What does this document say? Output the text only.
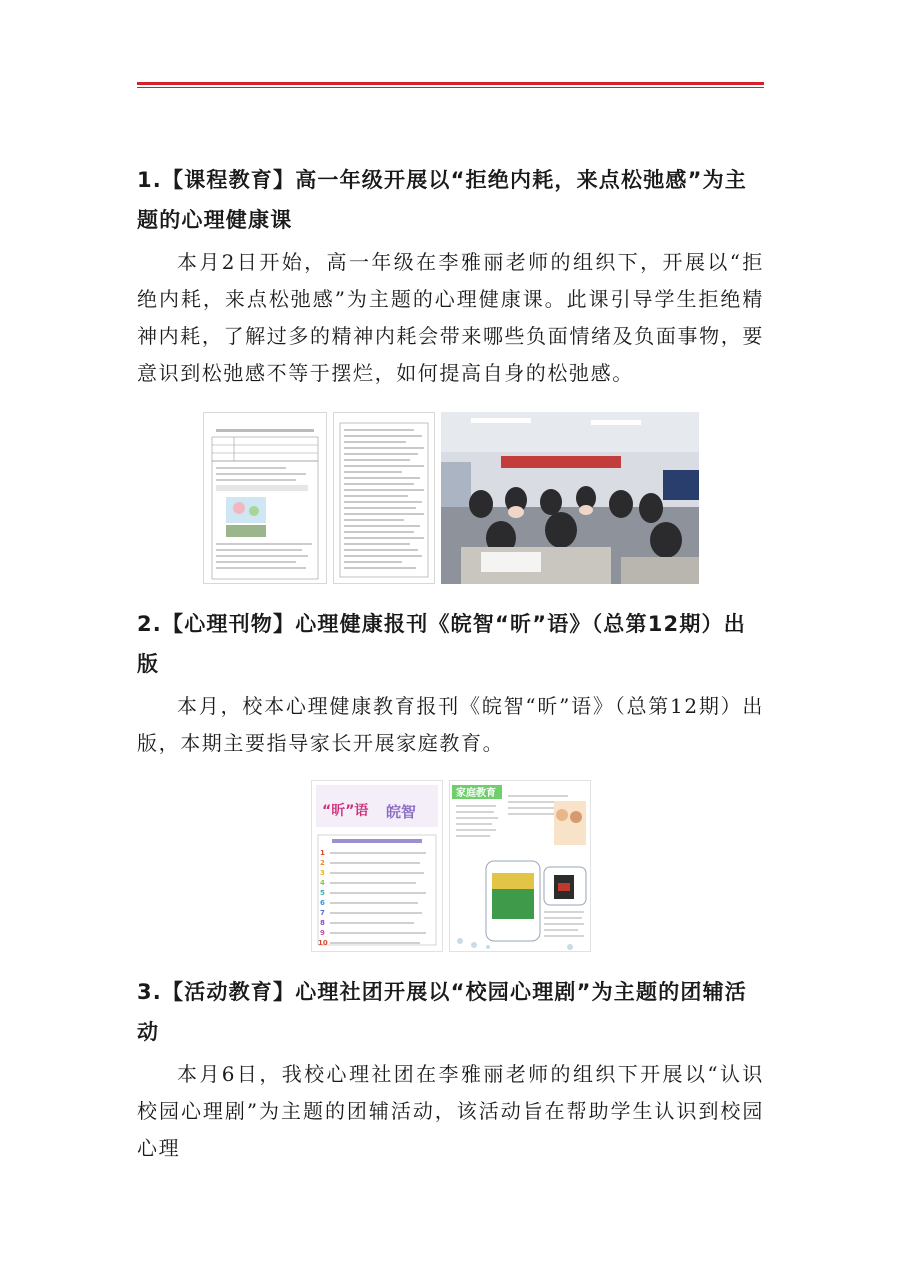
1.【课程教育】高一年级开展以“拒绝内耗，来点松弛感”为主题的心理健康课

本月2日开始，高一年级在李雅丽老师的组织下，开展以“拒绝内耗，来点松弛感”为主题的心理健康课。此课引导学生拒绝精神内耗，了解过多的精神内耗会带来哪些负面情绪及负面事物，要意识到松弛感不等于摆烂，如何提高自身的松弛感。

2.【心理刊物】心理健康报刊《皖智“昕”语》（总第12期）出版

本月，校本心理健康教育报刊《皖智“昕”语》（总第12期）出版，本期主要指导家长开展家庭教育。

“昕”语 皖智
1
2
3
4
5
6
7
8
9
10
家庭教育

3.【活动教育】心理社团开展以“校园心理剧”为主题的团辅活动

本月6日，我校心理社团在李雅丽老师的组织下开展以“认识校园心理剧”为主题的团辅活动，该活动旨在帮助学生认识到校园心理
